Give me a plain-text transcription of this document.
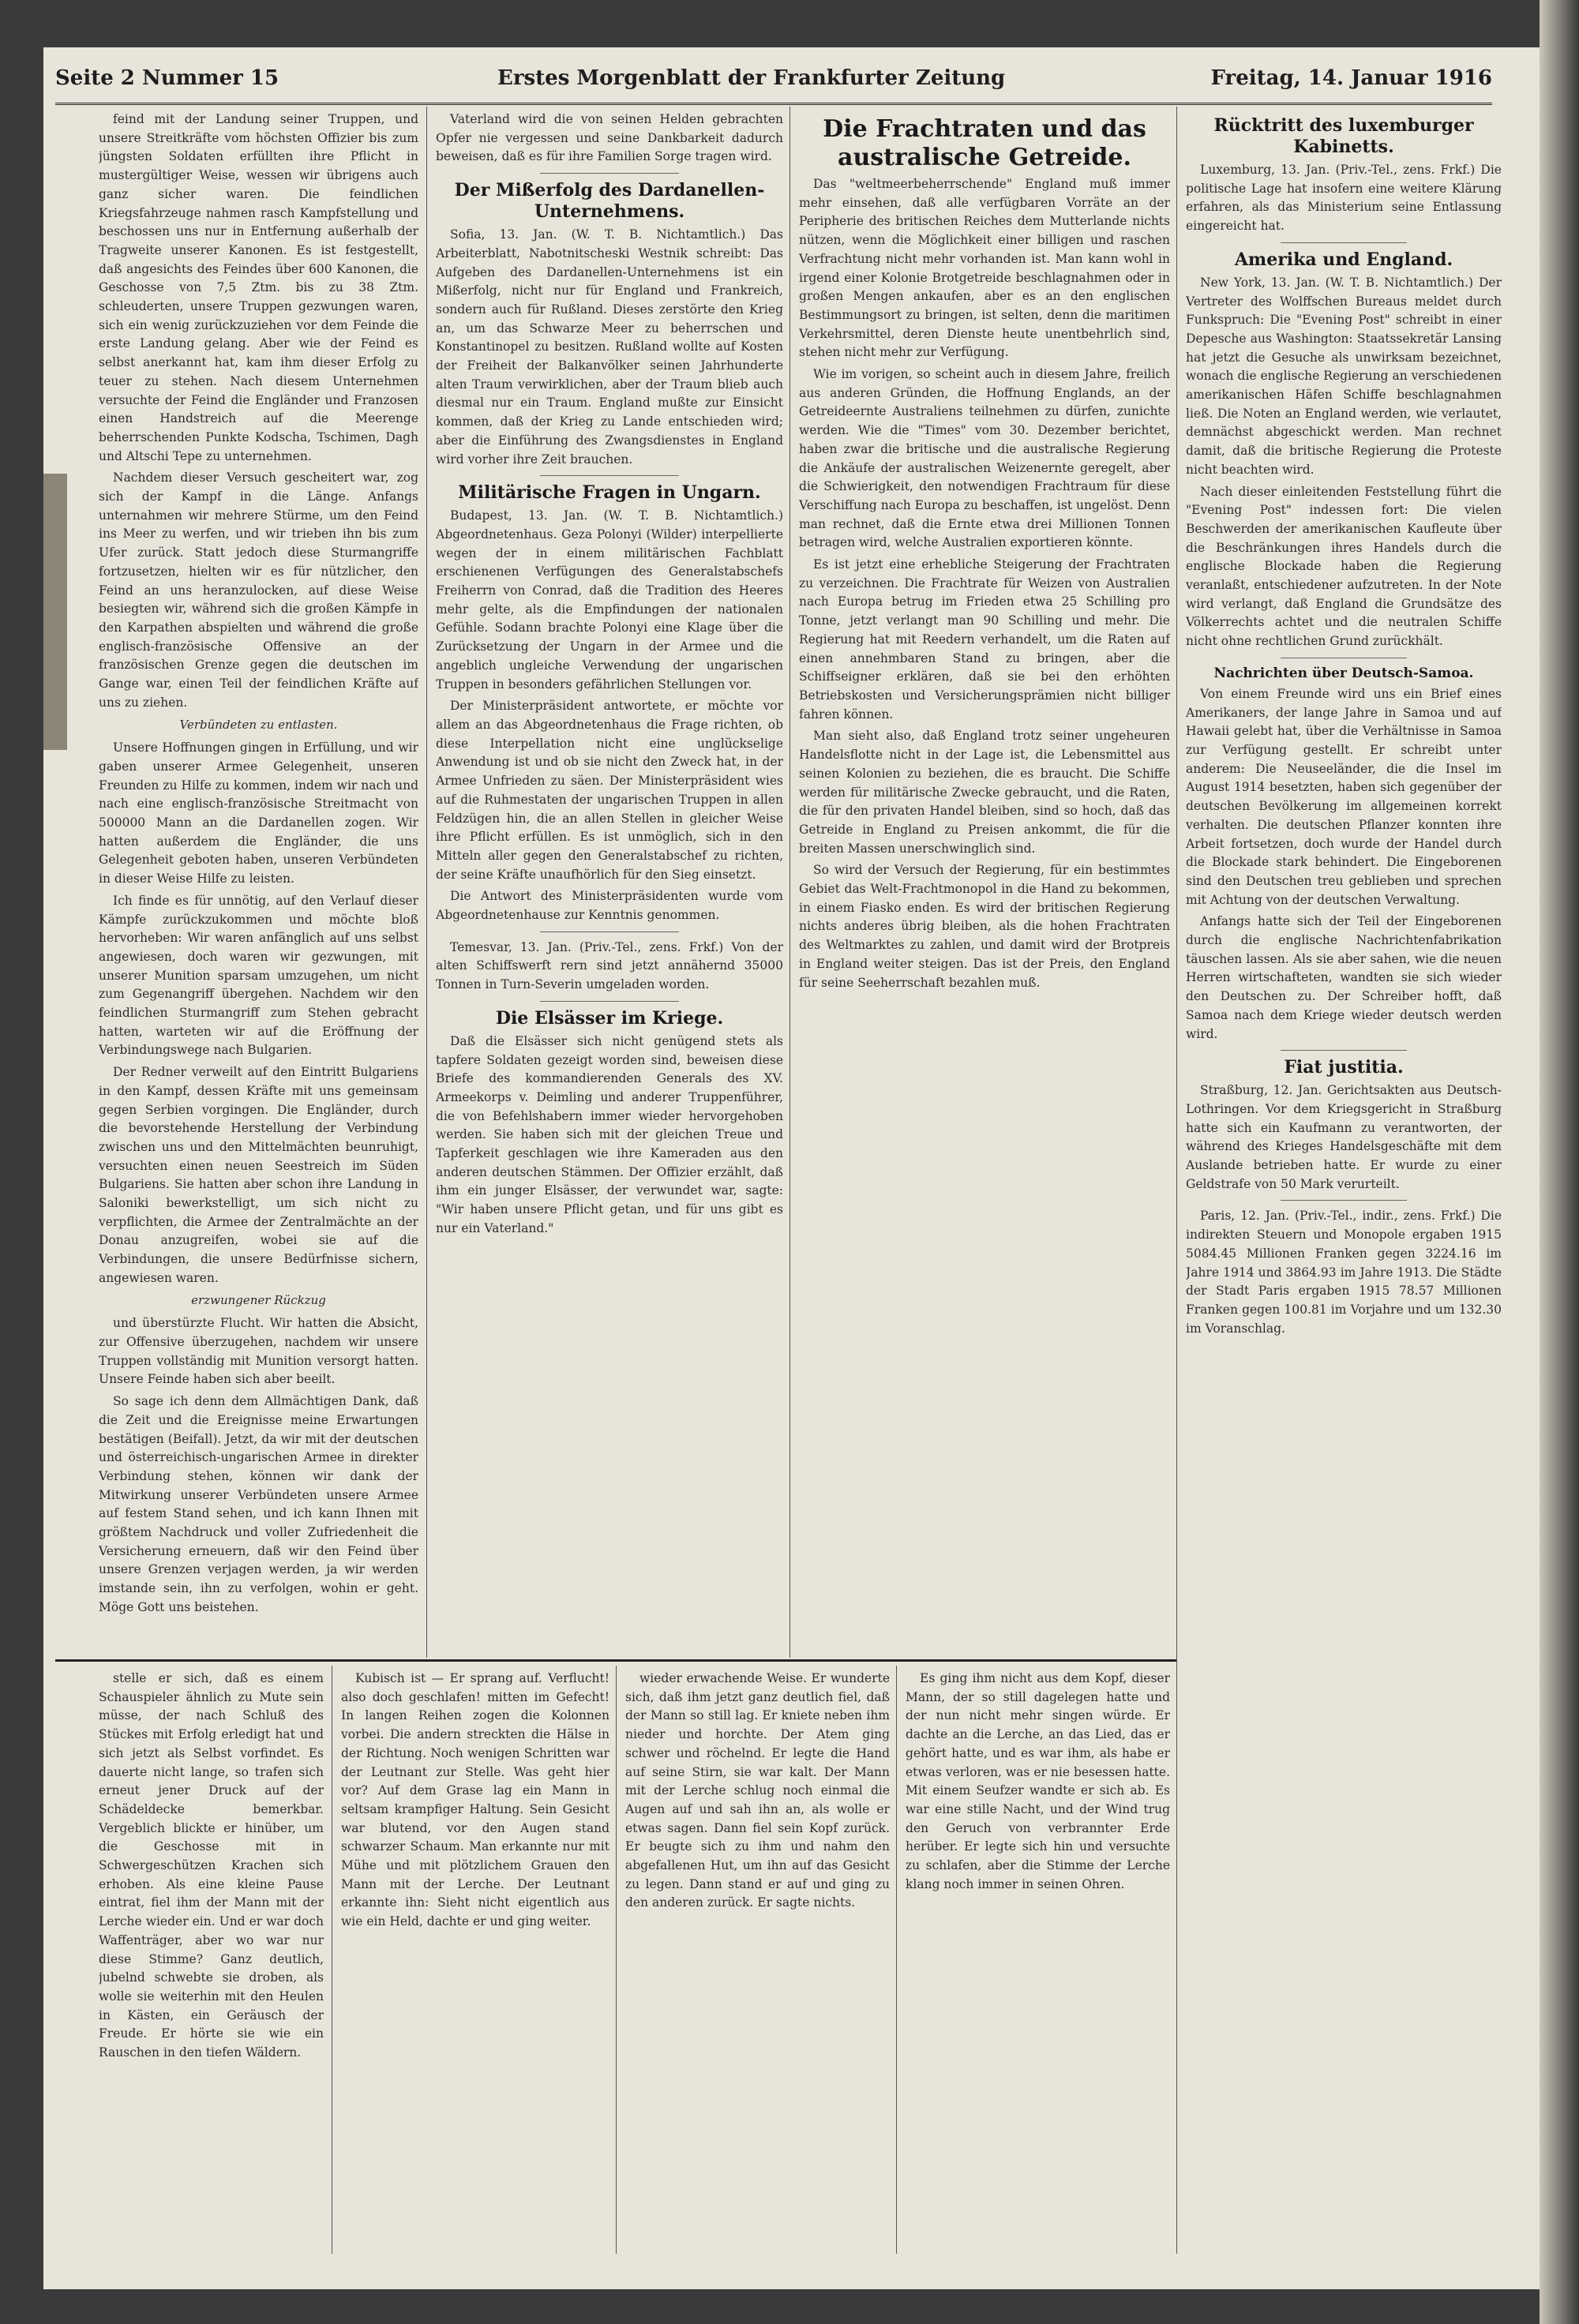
Seite 2 Nummer 15	Erstes Morgenblatt der Frankfurter Zeitung	Freitag, 14. Januar 1916

feind mit der Landung seiner Truppen, und unsere Streitkräfte vom höchsten Offizier bis zum jüngsten Soldaten erfüllten ihre Pflicht in mustergültiger Weise, wessen wir übrigens auch ganz sicher waren. Die feindlichen Kriegsfahrzeuge nahmen rasch Kampfstellung und beschossen uns nur in Entfernung außerhalb der Tragweite unserer Kanonen. Es ist festgestellt, daß angesichts des Feindes über 600 Kanonen, die Geschosse von 7,5 Ztm. bis zu 38 Ztm. schleuderten, unsere Truppen gezwungen waren, sich ein wenig zurückzuziehen vor dem Feinde die erste Landung gelang. Aber wie der Feind es selbst anerkannt hat, kam ihm dieser Erfolg zu teuer zu stehen. Nach diesem Unternehmen versuchte der Feind die Engländer und Franzosen einen Handstreich auf die Meerenge beherrschenden Punkte Kodscha, Tschimen, Dagh und Altschi Tepe zu unternehmen.

Nachdem dieser Versuch gescheitert war, zog sich der Kampf in die Länge. Anfangs unternahmen wir mehrere Stürme, um den Feind ins Meer zu werfen, und wir trieben ihn bis zum Ufer zurück. Statt jedoch diese Sturmangriffe fortzusetzen, hielten wir es für nützlicher, den Feind an uns heranzulocken, auf diese Weise besiegten wir, während sich die großen Kämpfe in den Karpathen abspielten und während die große englisch-französische Offensive an der französischen Grenze gegen die deutschen im Gange war, einen Teil der feindlichen Kräfte auf uns zu ziehen.

Verbündeten zu entlasten.

Unsere Hoffnungen gingen in Erfüllung, und wir gaben unserer Armee Gelegenheit, unseren Freunden zu Hilfe zu kommen, indem wir nach und nach eine englisch-französische Streitmacht von 500000 Mann an die Dardanellen zogen. Wir hatten außerdem die Engländer, die uns Gelegenheit geboten haben, unseren Verbündeten in dieser Weise Hilfe zu leisten.

Ich finde es für unnötig, auf den Verlauf dieser Kämpfe zurückzukommen und möchte bloß hervorheben: Wir waren anfänglich auf uns selbst angewiesen, doch waren wir gezwungen, mit unserer Munition sparsam umzugehen, um nicht zum Gegenangriff übergehen. Nachdem wir den feindlichen Sturmangriff zum Stehen gebracht hatten, warteten wir auf die Eröffnung der Verbindungswege nach Bulgarien.

Der Redner verweilt auf den Eintritt Bulgariens in den Kampf, dessen Kräfte mit uns gemeinsam gegen Serbien vorgingen. Die Engländer, durch die bevorstehende Herstellung der Verbindung zwischen uns und den Mittelmächten beunruhigt, versuchten einen neuen Seestreich im Süden Bulgariens. Sie hatten aber schon ihre Landung in Saloniki bewerkstelligt, um sich nicht zu verpflichten, die Armee der Zentralmächte an der Donau anzugreifen, wobei sie auf die Verbindungen, die unsere Bedürfnisse sichern, angewiesen waren.

erzwungener Rückzug

und überstürzte Flucht. Wir hatten die Absicht, zur Offensive überzugehen, nachdem wir unsere Truppen vollständig mit Munition versorgt hatten. Unsere Feinde haben sich aber beeilt.

So sage ich denn dem Allmächtigen Dank, daß die Zeit und die Ereignisse meine Erwartungen bestätigen (Beifall). Jetzt, da wir mit der deutschen und österreichisch-ungarischen Armee in direkter Verbindung stehen, können wir dank der Mitwirkung unserer Verbündeten unsere Armee auf festem Stand sehen, und ich kann Ihnen mit größtem Nachdruck und voller Zufriedenheit die Versicherung erneuern, daß wir den Feind über unsere Grenzen verjagen werden, ja wir werden imstande sein, ihn zu verfolgen, wohin er geht. Möge Gott uns beistehen.

Vaterland wird die von seinen Helden gebrachten Opfer nie vergessen und seine Dankbarkeit dadurch beweisen, daß es für ihre Familien Sorge tragen wird.

Der Mißerfolg des Dardanellen-Unternehmens.

Sofia, 13. Jan. (W. T. B. Nichtamtlich.) Das Arbeiterblatt, Nabotnitscheski Westnik schreibt: Das Aufgeben des Dardanellen-Unternehmens ist ein Mißerfolg, nicht nur für England und Frankreich, sondern auch für Rußland. Dieses zerstörte den Krieg an, um das Schwarze Meer zu beherrschen und Konstantinopel zu besitzen. Rußland wollte auf Kosten der Freiheit der Balkanvölker seinen Jahrhunderte alten Traum verwirklichen, aber der Traum blieb auch diesmal nur ein Traum. England mußte zur Einsicht kommen, daß der Krieg zu Lande entschieden wird; aber die Einführung des Zwangsdienstes in England wird vorher ihre Zeit brauchen.

Militärische Fragen in Ungarn.

Budapest, 13. Jan. (W. T. B. Nichtamtlich.) Abgeordnetenhaus. Geza Polonyi (Wilder) interpellierte wegen der in einem militärischen Fachblatt erschienenen Verfügungen des Generalstabschefs Freiherrn von Conrad, daß die Tradition des Heeres mehr gelte, als die Empfindungen der nationalen Gefühle. Sodann brachte Polonyi eine Klage über die Zurücksetzung der Ungarn in der Armee und die angeblich ungleiche Verwendung der ungarischen Truppen in besonders gefährlichen Stellungen vor.

Der Ministerpräsident antwortete, er möchte vor allem an das Abgeordnetenhaus die Frage richten, ob diese Interpellation nicht eine unglückselige Anwendung ist und ob sie nicht den Zweck hat, in der Armee Unfrieden zu säen. Der Ministerpräsident wies auf die Ruhmestaten der ungarischen Truppen in allen Feldzügen hin, die an allen Stellen in gleicher Weise ihre Pflicht erfüllen. Es ist unmöglich, sich in den Mitteln aller gegen den Generalstabschef zu richten, der seine Kräfte unaufhörlich für den Sieg einsetzt.

Die Antwort des Ministerpräsidenten wurde vom Abgeordnetenhause zur Kenntnis genommen.

Temesvar, 13. Jan. (Priv.-Tel., zens. Frkf.) Von der alten Schiffswerft rern sind jetzt annähernd 35000 Tonnen in Turn-Severin umgeladen worden.

Die Elsässer im Kriege.

Daß die Elsässer sich nicht genügend stets als tapfere Soldaten gezeigt worden sind, beweisen diese Briefe des kommandierenden Generals des XV. Armeekorps v. Deimling und anderer Truppenführer, die von Befehlshabern immer wieder hervorgehoben werden. Sie haben sich mit der gleichen Treue und Tapferkeit geschlagen wie ihre Kameraden aus den anderen deutschen Stämmen. Der Offizier erzählt, daß ihm ein junger Elsässer, der verwundet war, sagte: "Wir haben unsere Pflicht getan, und für uns gibt es nur ein Vaterland."

Die Frachtraten und das australische Getreide.

Das "weltmeerbeherrschende" England muß immer mehr einsehen, daß alle verfügbaren Vorräte an der Peripherie des britischen Reiches dem Mutterlande nichts nützen, wenn die Möglichkeit einer billigen und raschen Verfrachtung nicht mehr vorhanden ist. Man kann wohl in irgend einer Kolonie Brotgetreide beschlagnahmen oder in großen Mengen ankaufen, aber es an den englischen Bestimmungsort zu bringen, ist selten, denn die maritimen Verkehrsmittel, deren Dienste heute unentbehrlich sind, stehen nicht mehr zur Verfügung.

Wie im vorigen, so scheint auch in diesem Jahre, freilich aus anderen Gründen, die Hoffnung Englands, an der Getreideernte Australiens teilnehmen zu dürfen, zunichte werden. Wie die "Times" vom 30. Dezember berichtet, haben zwar die britische und die australische Regierung die Ankäufe der australischen Weizenernte geregelt, aber die Schwierigkeit, den notwendigen Frachtraum für diese Verschiffung nach Europa zu beschaffen, ist ungelöst. Denn man rechnet, daß die Ernte etwa drei Millionen Tonnen betragen wird, welche Australien exportieren könnte.

Es ist jetzt eine erhebliche Steigerung der Frachtraten zu verzeichnen. Die Frachtrate für Weizen von Australien nach Europa betrug im Frieden etwa 25 Schilling pro Tonne, jetzt verlangt man 90 Schilling und mehr. Die Regierung hat mit Reedern verhandelt, um die Raten auf einen annehmbaren Stand zu bringen, aber die Schiffseigner erklären, daß sie bei den erhöhten Betriebskosten und Versicherungsprämien nicht billiger fahren können.

Man sieht also, daß England trotz seiner ungeheuren Handelsflotte nicht in der Lage ist, die Lebensmittel aus seinen Kolonien zu beziehen, die es braucht. Die Schiffe werden für militärische Zwecke gebraucht, und die Raten, die für den privaten Handel bleiben, sind so hoch, daß das Getreide in England zu Preisen ankommt, die für die breiten Massen unerschwinglich sind.

So wird der Versuch der Regierung, für ein bestimmtes Gebiet das Welt-Frachtmonopol in die Hand zu bekommen, in einem Fiasko enden. Es wird der britischen Regierung nichts anderes übrig bleiben, als die hohen Frachtraten des Weltmarktes zu zahlen, und damit wird der Brotpreis in England weiter steigen. Das ist der Preis, den England für seine Seeherrschaft bezahlen muß.

Rücktritt des luxemburger Kabinetts.

Luxemburg, 13. Jan. (Priv.-Tel., zens. Frkf.) Die politische Lage hat insofern eine weitere Klärung erfahren, als das Ministerium seine Entlassung eingereicht hat.

Amerika und England.

New York, 13. Jan. (W. T. B. Nichtamtlich.) Der Vertreter des Wolffschen Bureaus meldet durch Funkspruch: Die "Evening Post" schreibt in einer Depesche aus Washington: Staatssekretär Lansing hat jetzt die Gesuche als unwirksam bezeichnet, wonach die englische Regierung an verschiedenen amerikanischen Häfen Schiffe beschlagnahmen ließ. Die Noten an England werden, wie verlautet, demnächst abgeschickt werden. Man rechnet damit, daß die britische Regierung die Proteste nicht beachten wird.

Nach dieser einleitenden Feststellung führt die "Evening Post" indessen fort: Die vielen Beschwerden der amerikanischen Kaufleute über die Beschränkungen ihres Handels durch die englische Blockade haben die Regierung veranlaßt, entschiedener aufzutreten. In der Note wird verlangt, daß England die Grundsätze des Völkerrechts achtet und die neutralen Schiffe nicht ohne rechtlichen Grund zurückhält.

Nachrichten über Deutsch-Samoa.

Von einem Freunde wird uns ein Brief eines Amerikaners, der lange Jahre in Samoa und auf Hawaii gelebt hat, über die Verhältnisse in Samoa zur Verfügung gestellt. Er schreibt unter anderem: Die Neuseeländer, die die Insel im August 1914 besetzten, haben sich gegenüber der deutschen Bevölkerung im allgemeinen korrekt verhalten. Die deutschen Pflanzer konnten ihre Arbeit fortsetzen, doch wurde der Handel durch die Blockade stark behindert. Die Eingeborenen sind den Deutschen treu geblieben und sprechen mit Achtung von der deutschen Verwaltung.

Anfangs hatte sich der Teil der Eingeborenen durch die englische Nachrichtenfabrikation täuschen lassen. Als sie aber sahen, wie die neuen Herren wirtschafteten, wandten sie sich wieder den Deutschen zu. Der Schreiber hofft, daß Samoa nach dem Kriege wieder deutsch werden wird.

Fiat justitia.

Straßburg, 12. Jan. Gerichtsakten aus Deutsch-Lothringen. Vor dem Kriegsgericht in Straßburg hatte sich ein Kaufmann zu verantworten, der während des Krieges Handelsgeschäfte mit dem Auslande betrieben hatte. Er wurde zu einer Geldstrafe von 50 Mark verurteilt.

Paris, 12. Jan. (Priv.-Tel., indir., zens. Frkf.) Die indirekten Steuern und Monopole ergaben 1915 5084.45 Millionen Franken gegen 3224.16 im Jahre 1914 und 3864.93 im Jahre 1913. Die Städte der Stadt Paris ergaben 1915 78.57 Millionen Franken gegen 100.81 im Vorjahre und um 132.30 im Voranschlag.

stelle er sich, daß es einem Schauspieler ähnlich zu Mute sein müsse, der nach Schluß des Stückes mit Erfolg erledigt hat und sich jetzt als Selbst vorfindet. Es dauerte nicht lange, so trafen sich erneut jener Druck auf der Schädeldecke bemerkbar. Vergeblich blickte er hinüber, um die Geschosse mit in Schwergeschützen Krachen sich erhoben. Als eine kleine Pause eintrat, fiel ihm der Mann mit der Lerche wieder ein. Und er war doch Waffenträger, aber wo war nur diese Stimme? Ganz deutlich, jubelnd schwebte sie droben, als wolle sie weiterhin mit den Heulen in Kästen, ein Geräusch der Freude. Er hörte sie wie ein Rauschen in den tiefen Wäldern.

Kubisch ist — Er sprang auf. Verflucht! also doch geschlafen! mitten im Gefecht! In langen Reihen zogen die Kolonnen vorbei. Die andern streckten die Hälse in der Richtung. Noch wenigen Schritten war der Leutnant zur Stelle. Was geht hier vor? Auf dem Grase lag ein Mann in seltsam krampfiger Haltung. Sein Gesicht war blutend, vor den Augen stand schwarzer Schaum. Man erkannte nur mit Mühe und mit plötzlichem Grauen den Mann mit der Lerche. Der Leutnant erkannte ihn: Sieht nicht eigentlich aus wie ein Held, dachte er und ging weiter.

wieder erwachende Weise. Er wunderte sich, daß ihm jetzt ganz deutlich fiel, daß der Mann so still lag. Er kniete neben ihm nieder und horchte. Der Atem ging schwer und röchelnd. Er legte die Hand auf seine Stirn, sie war kalt. Der Mann mit der Lerche schlug noch einmal die Augen auf und sah ihn an, als wolle er etwas sagen. Dann fiel sein Kopf zurück. Er beugte sich zu ihm und nahm den abgefallenen Hut, um ihn auf das Gesicht zu legen. Dann stand er auf und ging zu den anderen zurück. Er sagte nichts.

Es ging ihm nicht aus dem Kopf, dieser Mann, der so still dagelegen hatte und der nun nicht mehr singen würde. Er dachte an die Lerche, an das Lied, das er gehört hatte, und es war ihm, als habe er etwas verloren, was er nie besessen hatte. Mit einem Seufzer wandte er sich ab. Es war eine stille Nacht, und der Wind trug den Geruch von verbrannter Erde herüber. Er legte sich hin und versuchte zu schlafen, aber die Stimme der Lerche klang noch immer in seinen Ohren.
